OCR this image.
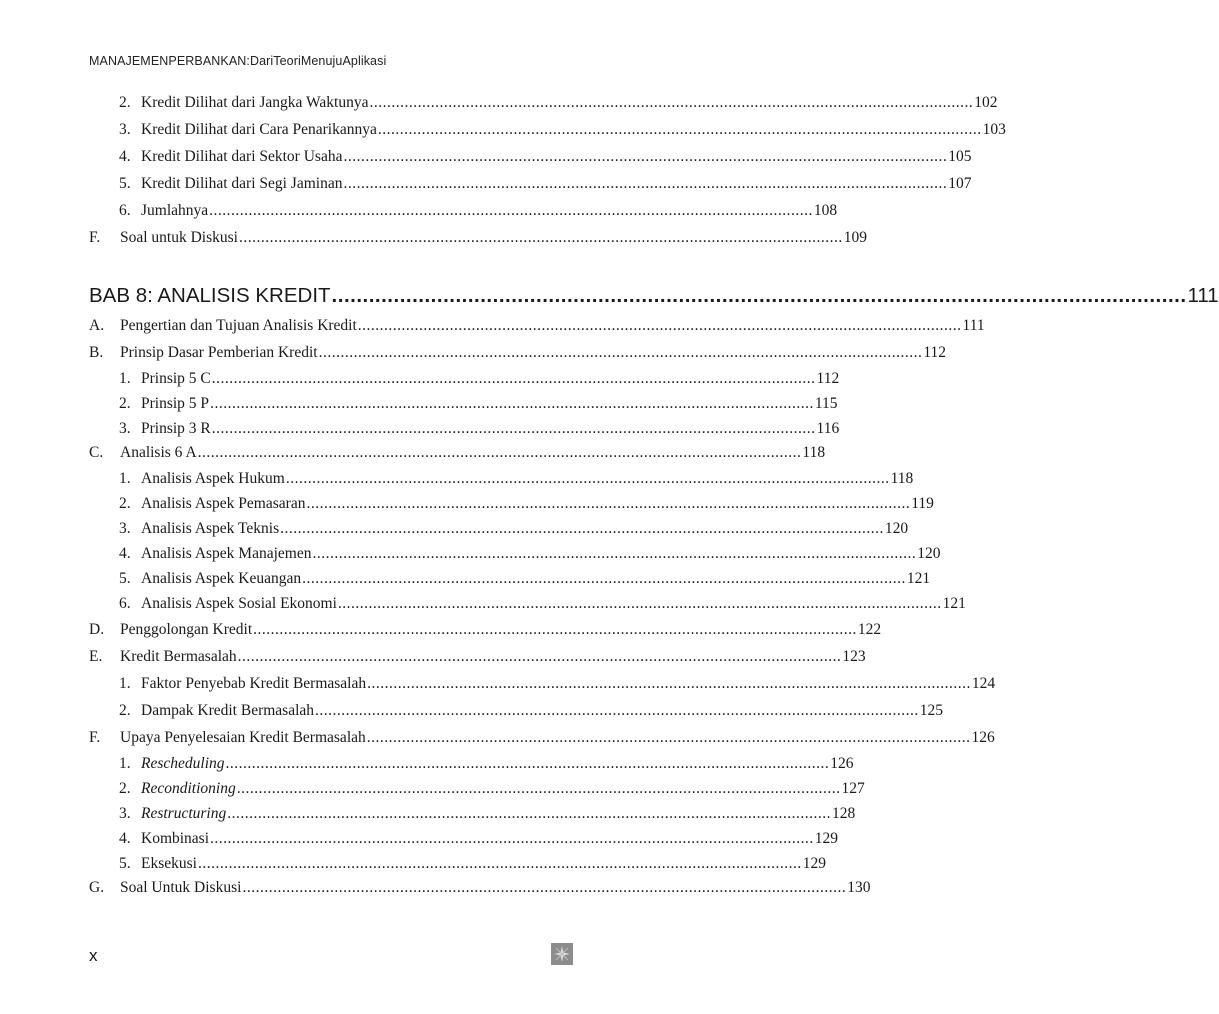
MANAJEMENPERBANKAN:DariTeoriMenujuAplikasi
2. Kredit Dilihat dari Jangka Waktunya .......................................................................................................................................... 102
3. Kredit Dilihat dari Cara Penarikannya .......................................................................................................................................... 103
4. Kredit Dilihat dari Sektor Usaha .......................................................................................................................................... 105
5. Kredit Dilihat dari Segi Jaminan .......................................................................................................................................... 107
6. Jumlahnya .......................................................................................................................................... 108
F.	Soal untuk Diskusi .......................................................................................................................................... 109
BAB 8: ANALISIS KREDIT .......................................................................................................................................... 111
A.	Pengertian dan Tujuan Analisis Kredit .......................................................................................................................................... 111
B.	Prinsip Dasar Pemberian Kredit .......................................................................................................................................... 112
1. Prinsip 5 C .......................................................................................................................................... 112
2. Prinsip 5 P .......................................................................................................................................... 115
3. Prinsip 3 R .......................................................................................................................................... 116
C.	Analisis 6 A .......................................................................................................................................... 118
1. Analisis Aspek Hukum .......................................................................................................................................... 118
2. Analisis Aspek Pemasaran .......................................................................................................................................... 119
3. Analisis Aspek Teknis .......................................................................................................................................... 120
4. Analisis Aspek Manajemen .......................................................................................................................................... 120
5. Analisis Aspek Keuangan .......................................................................................................................................... 121
6. Analisis Aspek Sosial Ekonomi .......................................................................................................................................... 121
D.	Penggolongan Kredit .......................................................................................................................................... 122
E.	Kredit Bermasalah .......................................................................................................................................... 123
1. Faktor Penyebab Kredit Bermasalah .......................................................................................................................................... 124
2. Dampak Kredit Bermasalah .......................................................................................................................................... 125
F.	Upaya Penyelesaian Kredit Bermasalah .......................................................................................................................................... 126
1. Rescheduling .......................................................................................................................................... 126
2. Reconditioning .......................................................................................................................................... 127
3. Restructuring .......................................................................................................................................... 128
4. Kombinasi .......................................................................................................................................... 129
5. Eksekusi .......................................................................................................................................... 129
G.	Soal Untuk Diskusi .......................................................................................................................................... 130
x
